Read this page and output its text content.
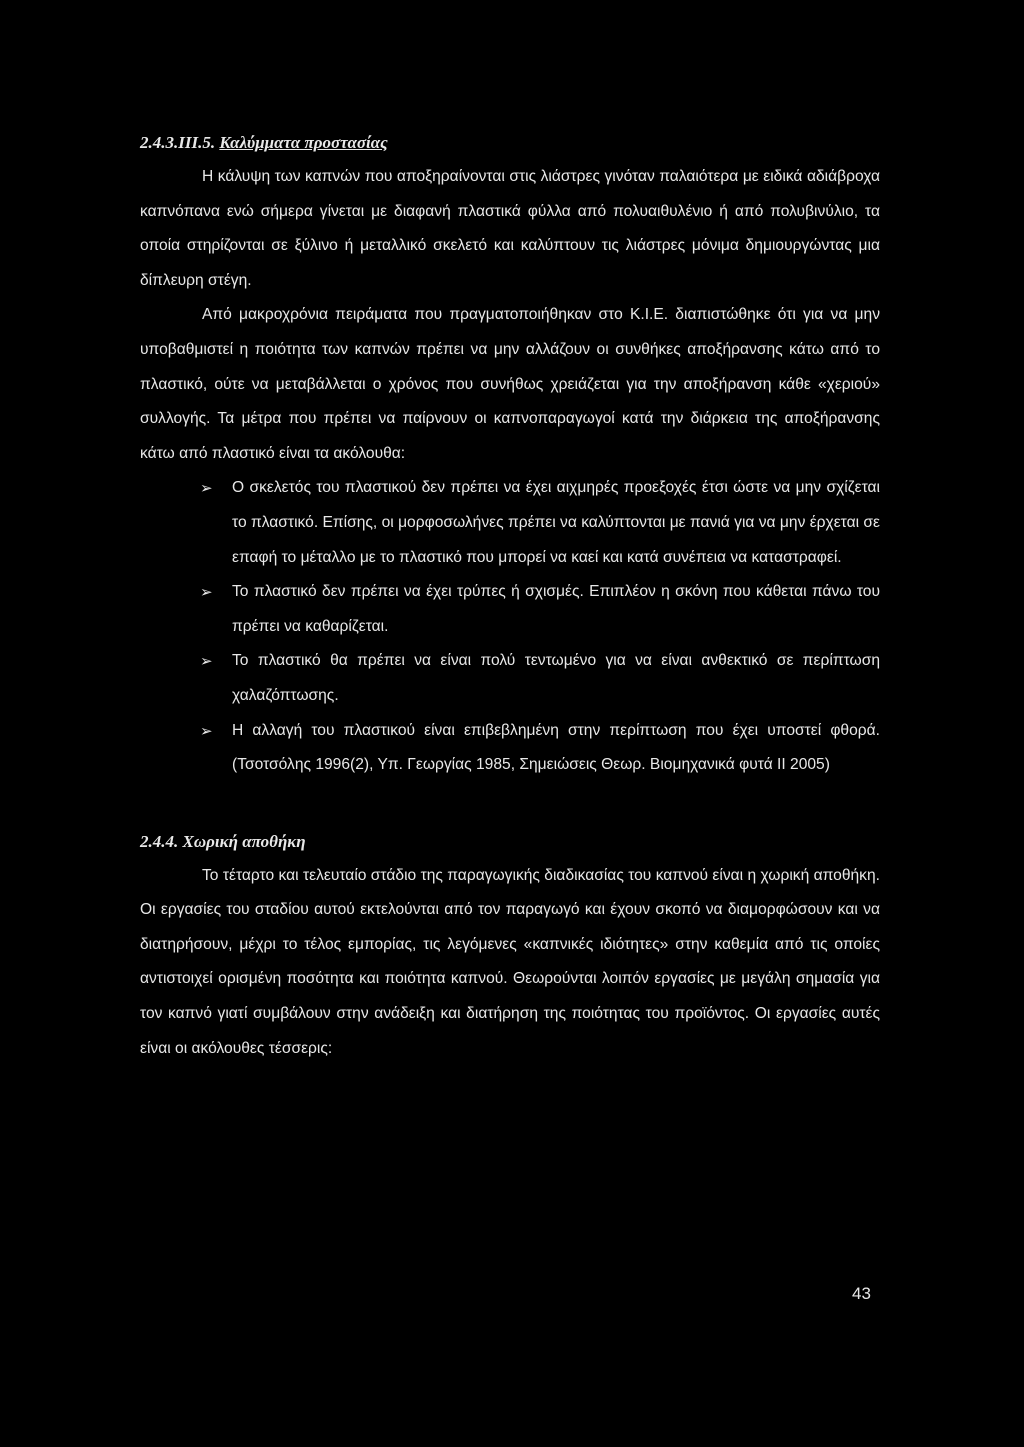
2.4.3.ΙΙΙ.5. Καλύμματα προστασίας

Η κάλυψη των καπνών που αποξηραίνονται στις λιάστρες γινόταν παλαιότερα με ειδικά αδιάβροχα καπνόπανα ενώ σήμερα γίνεται με διαφανή πλαστικά φύλλα από πολυαιθυλένιο ή από πολυβινύλιο, τα οποία στηρίζονται σε ξύλινο ή μεταλλικό σκελετό και καλύπτουν τις λιάστρες μόνιμα δημιουργώντας μια δίπλευρη στέγη.

Από μακροχρόνια πειράματα που πραγματοποιήθηκαν στο Κ.Ι.Ε. διαπιστώθηκε ότι για να μην υποβαθμιστεί η ποιότητα των καπνών πρέπει να μην αλλάζουν οι συνθήκες αποξήρανσης κάτω από το πλαστικό, ούτε να μεταβάλλεται ο χρόνος που συνήθως χρειάζεται για την αποξήρανση κάθε «χεριού» συλλογής. Τα μέτρα που πρέπει να παίρνουν οι καπνοπαραγωγοί κατά την διάρκεια της αποξήρανσης κάτω από πλαστικό είναι τα ακόλουθα:

➢ Ο σκελετός του πλαστικού δεν πρέπει να έχει αιχμηρές προεξοχές έτσι ώστε να μην σχίζεται το πλαστικό. Επίσης, οι μορφοσωλήνες πρέπει να καλύπτονται με πανιά για να μην έρχεται σε επαφή το μέταλλο με το πλαστικό που μπορεί να καεί και κατά συνέπεια να καταστραφεί.
➢ Το πλαστικό δεν πρέπει να έχει τρύπες ή σχισμές. Επιπλέον η σκόνη που κάθεται πάνω του πρέπει να καθαρίζεται.
➢ Το πλαστικό θα πρέπει να είναι πολύ τεντωμένο για να είναι ανθεκτικό σε περίπτωση χαλαζόπτωσης.
➢ Η αλλαγή του πλαστικού είναι επιβεβλημένη στην περίπτωση που έχει υποστεί φθορά. (Τσοτσόλης 1996(2), Υπ. Γεωργίας 1985, Σημειώσεις Θεωρ. Βιομηχανικά φυτά ΙΙ 2005)
2.4.4. Χωρική αποθήκη

Το τέταρτο και τελευταίο στάδιο της παραγωγικής διαδικασίας του καπνού είναι η χωρική αποθήκη. Οι εργασίες του σταδίου αυτού εκτελούνται από τον παραγωγό και έχουν σκοπό να διαμορφώσουν και να διατηρήσουν, μέχρι το τέλος εμπορίας, τις λεγόμενες «καπνικές ιδιότητες» στην καθεμία από τις οποίες αντιστοιχεί ορισμένη ποσότητα και ποιότητα καπνού. Θεωρούνται λοιπόν εργασίες με μεγάλη σημασία για τον καπνό γιατί συμβάλουν στην ανάδειξη και διατήρηση της ποιότητας του προϊόντος. Οι εργασίες αυτές είναι οι ακόλουθες τέσσερις:

43
